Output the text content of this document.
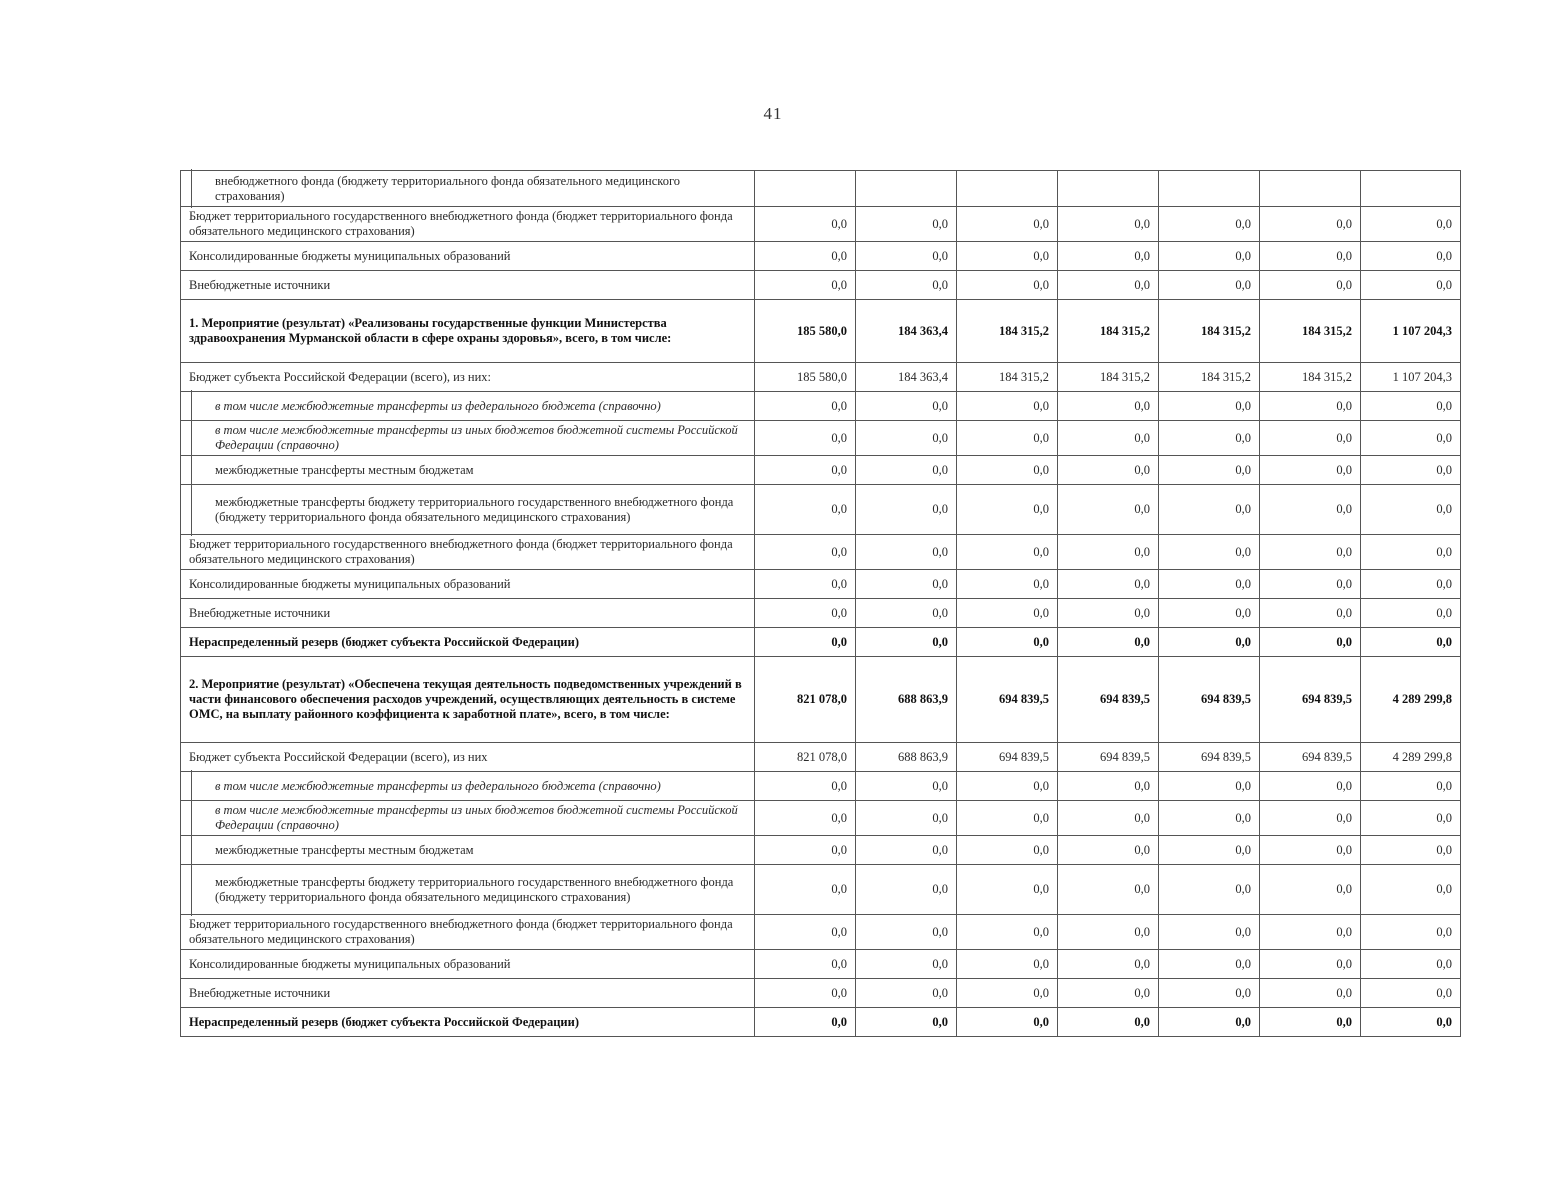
41
внебюджетного фонда (бюджету территориального фонда обязательного медицинского страхования)							

Бюджет территориального государственного внебюджетного фонда (бюджет территориального фонда обязательного медицинского страхования)	0,0	0,0	0,0	0,0	0,0	0,0	0,0

Консолидированные бюджеты муниципальных образований	0,0	0,0	0,0	0,0	0,0	0,0	0,0

Внебюджетные источники	0,0	0,0	0,0	0,0	0,0	0,0	0,0

1. Мероприятие (результат) «Реализованы государственные функции Министерства здравоохранения Мурманской области в сфере охраны здоровья», всего, в том числе:	185 580,0	184 363,4	184 315,2	184 315,2	184 315,2	184 315,2	1 107 204,3

Бюджет субъекта Российской Федерации (всего), из них:	185 580,0	184 363,4	184 315,2	184 315,2	184 315,2	184 315,2	1 107 204,3

в том числе межбюджетные трансферты из федерального бюджета (справочно)	0,0	0,0	0,0	0,0	0,0	0,0	0,0

в том числе межбюджетные трансферты из иных бюджетов бюджетной системы Российской Федерации (справочно)	0,0	0,0	0,0	0,0	0,0	0,0	0,0

межбюджетные трансферты местным бюджетам	0,0	0,0	0,0	0,0	0,0	0,0	0,0

межбюджетные трансферты бюджету территориального государственного внебюджетного фонда (бюджету территориального фонда обязательного медицинского страхования)	0,0	0,0	0,0	0,0	0,0	0,0	0,0

Бюджет территориального государственного внебюджетного фонда (бюджет территориального фонда обязательного медицинского страхования)	0,0	0,0	0,0	0,0	0,0	0,0	0,0

Консолидированные бюджеты муниципальных образований	0,0	0,0	0,0	0,0	0,0	0,0	0,0

Внебюджетные источники	0,0	0,0	0,0	0,0	0,0	0,0	0,0

Нераспределенный резерв (бюджет субъекта Российской Федерации)	0,0	0,0	0,0	0,0	0,0	0,0	0,0

2. Мероприятие (результат) «Обеспечена текущая деятельность подведомственных учреждений в части финансового обеспечения расходов учреждений, осуществляющих деятельность в системе ОМС, на выплату районного коэффициента к заработной плате», всего, в том числе:	821 078,0	688 863,9	694 839,5	694 839,5	694 839,5	694 839,5	4 289 299,8

Бюджет субъекта Российской Федерации (всего), из них	821 078,0	688 863,9	694 839,5	694 839,5	694 839,5	694 839,5	4 289 299,8

в том числе межбюджетные трансферты из федерального бюджета (справочно)	0,0	0,0	0,0	0,0	0,0	0,0	0,0

в том числе межбюджетные трансферты из иных бюджетов бюджетной системы Российской Федерации (справочно)	0,0	0,0	0,0	0,0	0,0	0,0	0,0

межбюджетные трансферты местным бюджетам	0,0	0,0	0,0	0,0	0,0	0,0	0,0

межбюджетные трансферты бюджету территориального государственного внебюджетного фонда (бюджету территориального фонда обязательного медицинского страхования)	0,0	0,0	0,0	0,0	0,0	0,0	0,0

Бюджет территориального государственного внебюджетного фонда (бюджет территориального фонда обязательного медицинского страхования)	0,0	0,0	0,0	0,0	0,0	0,0	0,0

Консолидированные бюджеты муниципальных образований	0,0	0,0	0,0	0,0	0,0	0,0	0,0

Внебюджетные источники	0,0	0,0	0,0	0,0	0,0	0,0	0,0

Нераспределенный резерв (бюджет субъекта Российской Федерации)	0,0	0,0	0,0	0,0	0,0	0,0	0,0
